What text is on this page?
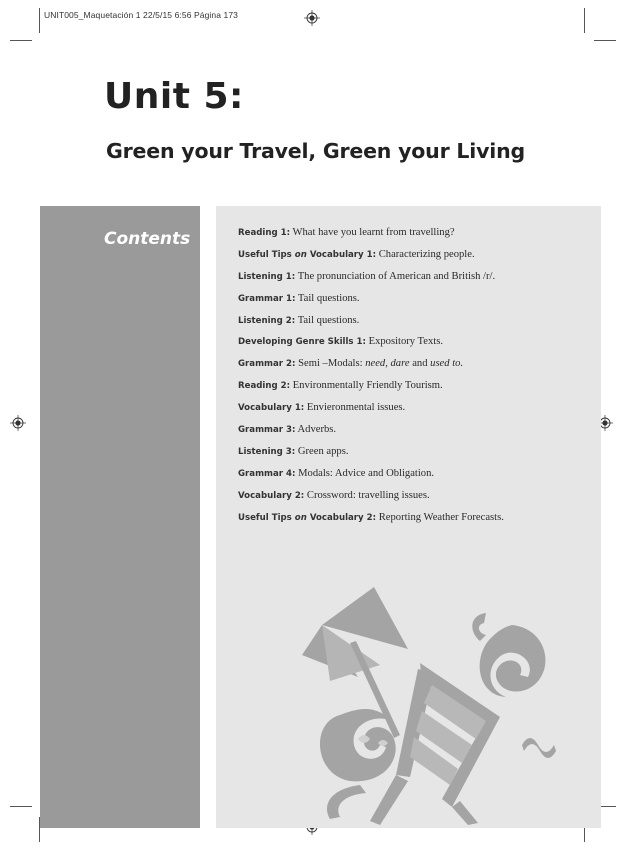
UNIT005_Maquetación 1 22/5/15 6:56 Página 173
Unit 5:
Green your Travel, Green your Living
Contents	Reading 1: What have you learnt from travelling?
Useful Tips on Vocabulary 1: Characterizing people.
Listening 1: The pronunciation of American and British /r/.
Grammar 1: Tail questions.
Listening 2: Tail questions.
Developing Genre Skills 1: Expository Texts.
Grammar 2: Semi –Modals: need, dare and used to.
Reading 2: Environmentally Friendly Tourism.
Vocabulary 1: Envieronmental issues.
Grammar 3: Adverbs.
Listening 3: Green apps.
Grammar 4: Modals: Advice and Obligation.
Vocabulary 2: Crossword: travelling issues.
Useful Tips on Vocabulary 2: Reporting Weather Forecasts.
